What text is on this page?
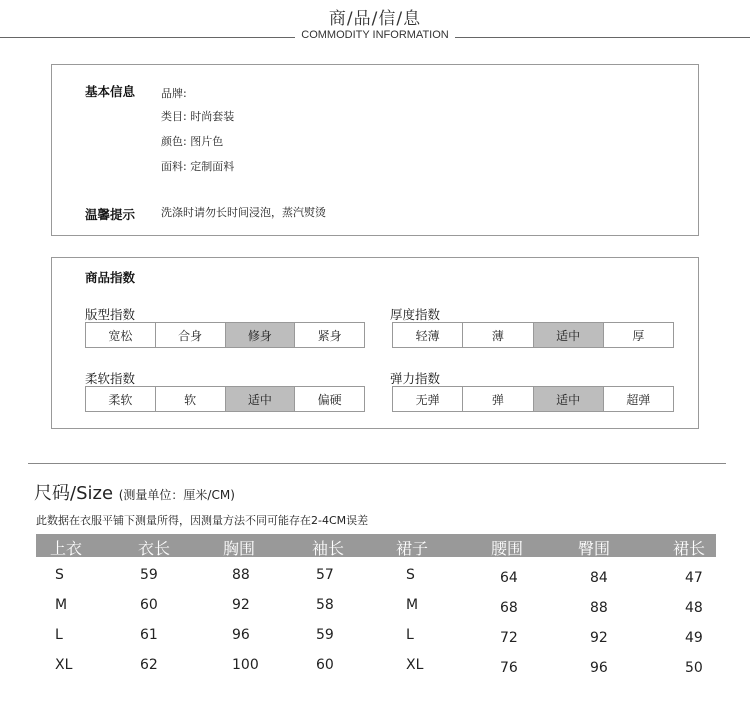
商/品/信/息
COMMODITY INFORMATION
基本信息 品牌:
类目: 时尚套装
颜色: 图片色
面料: 定制面料
温馨提示 洗涤时请勿长时间浸泡，蒸汽熨烫
商品指数
版型指数
宽松	合身	修身	紧身
厚度指数
轻薄	薄	适中	厚
柔软指数
柔软	软	适中	偏硬
弹力指数
无弹	弹	适中	超弹
尺码/Size (测量单位：厘米/CM)
此数据在衣服平铺下测量所得，因测量方法不同可能存在2-4CM误差
上衣	衣长	胸围	袖长	裙子	腰围	臀围	裙长
S	59	88	57	S	64	84	47
M	60	92	58	M	68	88	48
L	61	96	59	L	72	92	49
XL	62	100	60	XL	76	96	50
